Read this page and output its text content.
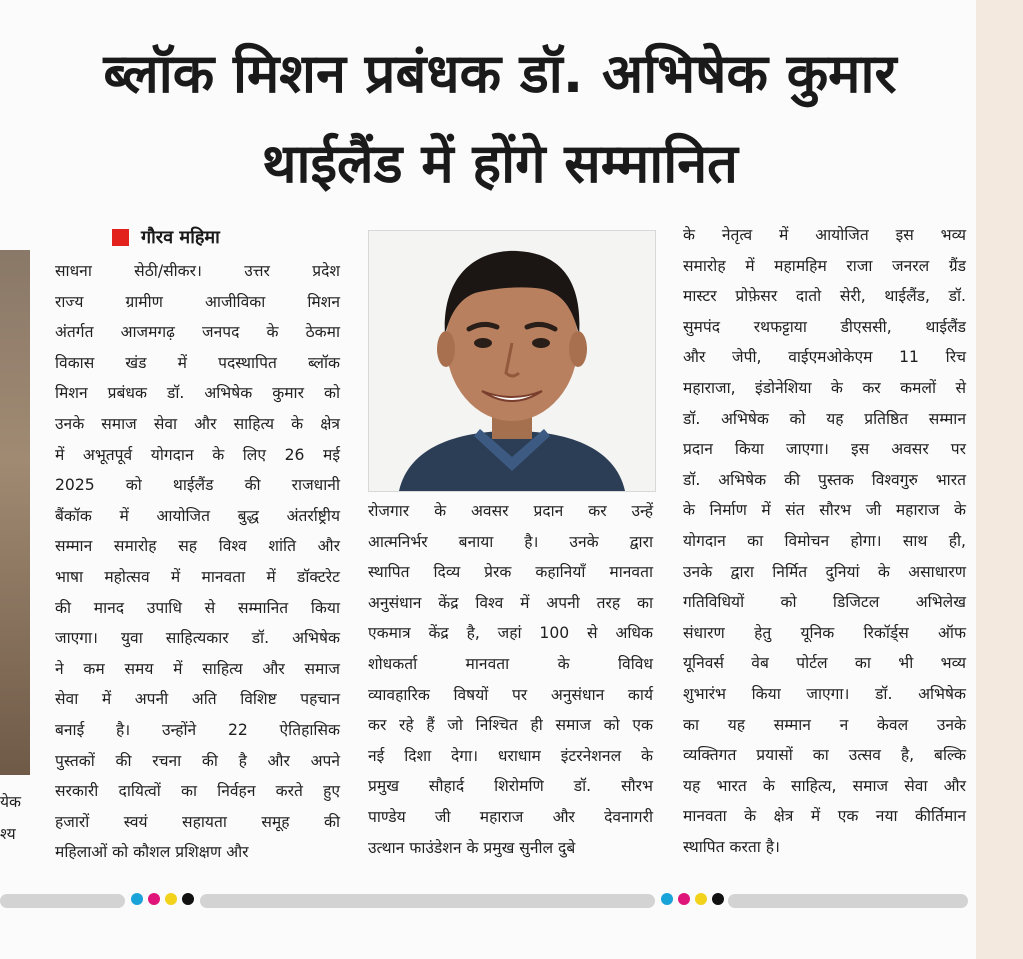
ब्लॉक मिशन प्रबंधक डॉ. अभिषेक कुमार
थाईलैंड में होंगे सम्मानित
गौरव महिमा
येक
श्य

साधना सेठी/सीकर। उत्तर प्रदेश

राज्य ग्रामीण आजीविका मिशन

अंतर्गत आजमगढ़ जनपद के ठेकमा

विकास खंड में पदस्थापित ब्लॉक

मिशन प्रबंधक डॉ. अभिषेक कुमार को

उनके समाज सेवा और साहित्य के क्षेत्र

में अभूतपूर्व योगदान के लिए 26 मई

2025 को थाईलैंड की राजधानी

बैंकॉक में आयोजित बुद्ध अंतर्राष्ट्रीय

सम्मान समारोह सह विश्व शांति और

भाषा महोत्सव में मानवता में डॉक्टरेट

की मानद उपाधि से सम्मानित किया

जाएगा। युवा साहित्यकार डॉ. अभिषेक

ने कम समय में साहित्य और समाज

सेवा में अपनी अति विशिष्ट पहचान

बनाई है। उन्होंने 22 ऐतिहासिक

पुस्तकों की रचना की है और अपने

सरकारी दायित्वों का निर्वहन करते हुए

हजारों स्वयं सहायता समूह की

महिलाओं को कौशल प्रशिक्षण और

रोजगार के अवसर प्रदान कर उन्हें

आत्मनिर्भर बनाया है। उनके द्वारा

स्थापित दिव्य प्रेरक कहानियाँ मानवता

अनुसंधान केंद्र विश्व में अपनी तरह का

एकमात्र केंद्र है, जहां 100 से अधिक

शोधकर्ता मानवता के विविध

व्यावहारिक विषयों पर अनुसंधान कार्य

कर रहे हैं जो निश्चित ही समाज को एक

नई दिशा देगा। धराधाम इंटरनेशनल के

प्रमुख सौहार्द शिरोमणि डॉ. सौरभ

पाण्डेय जी महाराज और देवनागरी

उत्थान फाउंडेशन के प्रमुख सुनील दुबे

के नेतृत्व में आयोजित इस भव्य

समारोह में महामहिम राजा जनरल ग्रैंड

मास्टर प्रोफ़ेसर दातो सेरी, थाईलैंड, डॉ.

सुमपंद रथफट्टाया डीएससी, थाईलैंड

और जेपी, वाईएमओकेएम 11 रिच

महाराजा, इंडोनेशिया के कर कमलों से

डॉ. अभिषेक को यह प्रतिष्ठित सम्मान

प्रदान किया जाएगा। इस अवसर पर

डॉ. अभिषेक की पुस्तक विश्वगुरु भारत

के निर्माण में संत सौरभ जी महाराज के

योगदान का विमोचन होगा। साथ ही,

उनके द्वारा निर्मित दुनियां के असाधारण

गतिविधियों को डिजिटल अभिलेख

संधारण हेतु यूनिक रिकॉर्ड्स ऑफ

यूनिवर्स वेब पोर्टल का भी भव्य

शुभारंभ किया जाएगा। डॉ. अभिषेक

का यह सम्मान न केवल उनके

व्यक्तिगत प्रयासों का उत्सव है, बल्कि

यह भारत के साहित्य, समाज सेवा और

मानवता के क्षेत्र में एक नया कीर्तिमान

स्थापित करता है।
